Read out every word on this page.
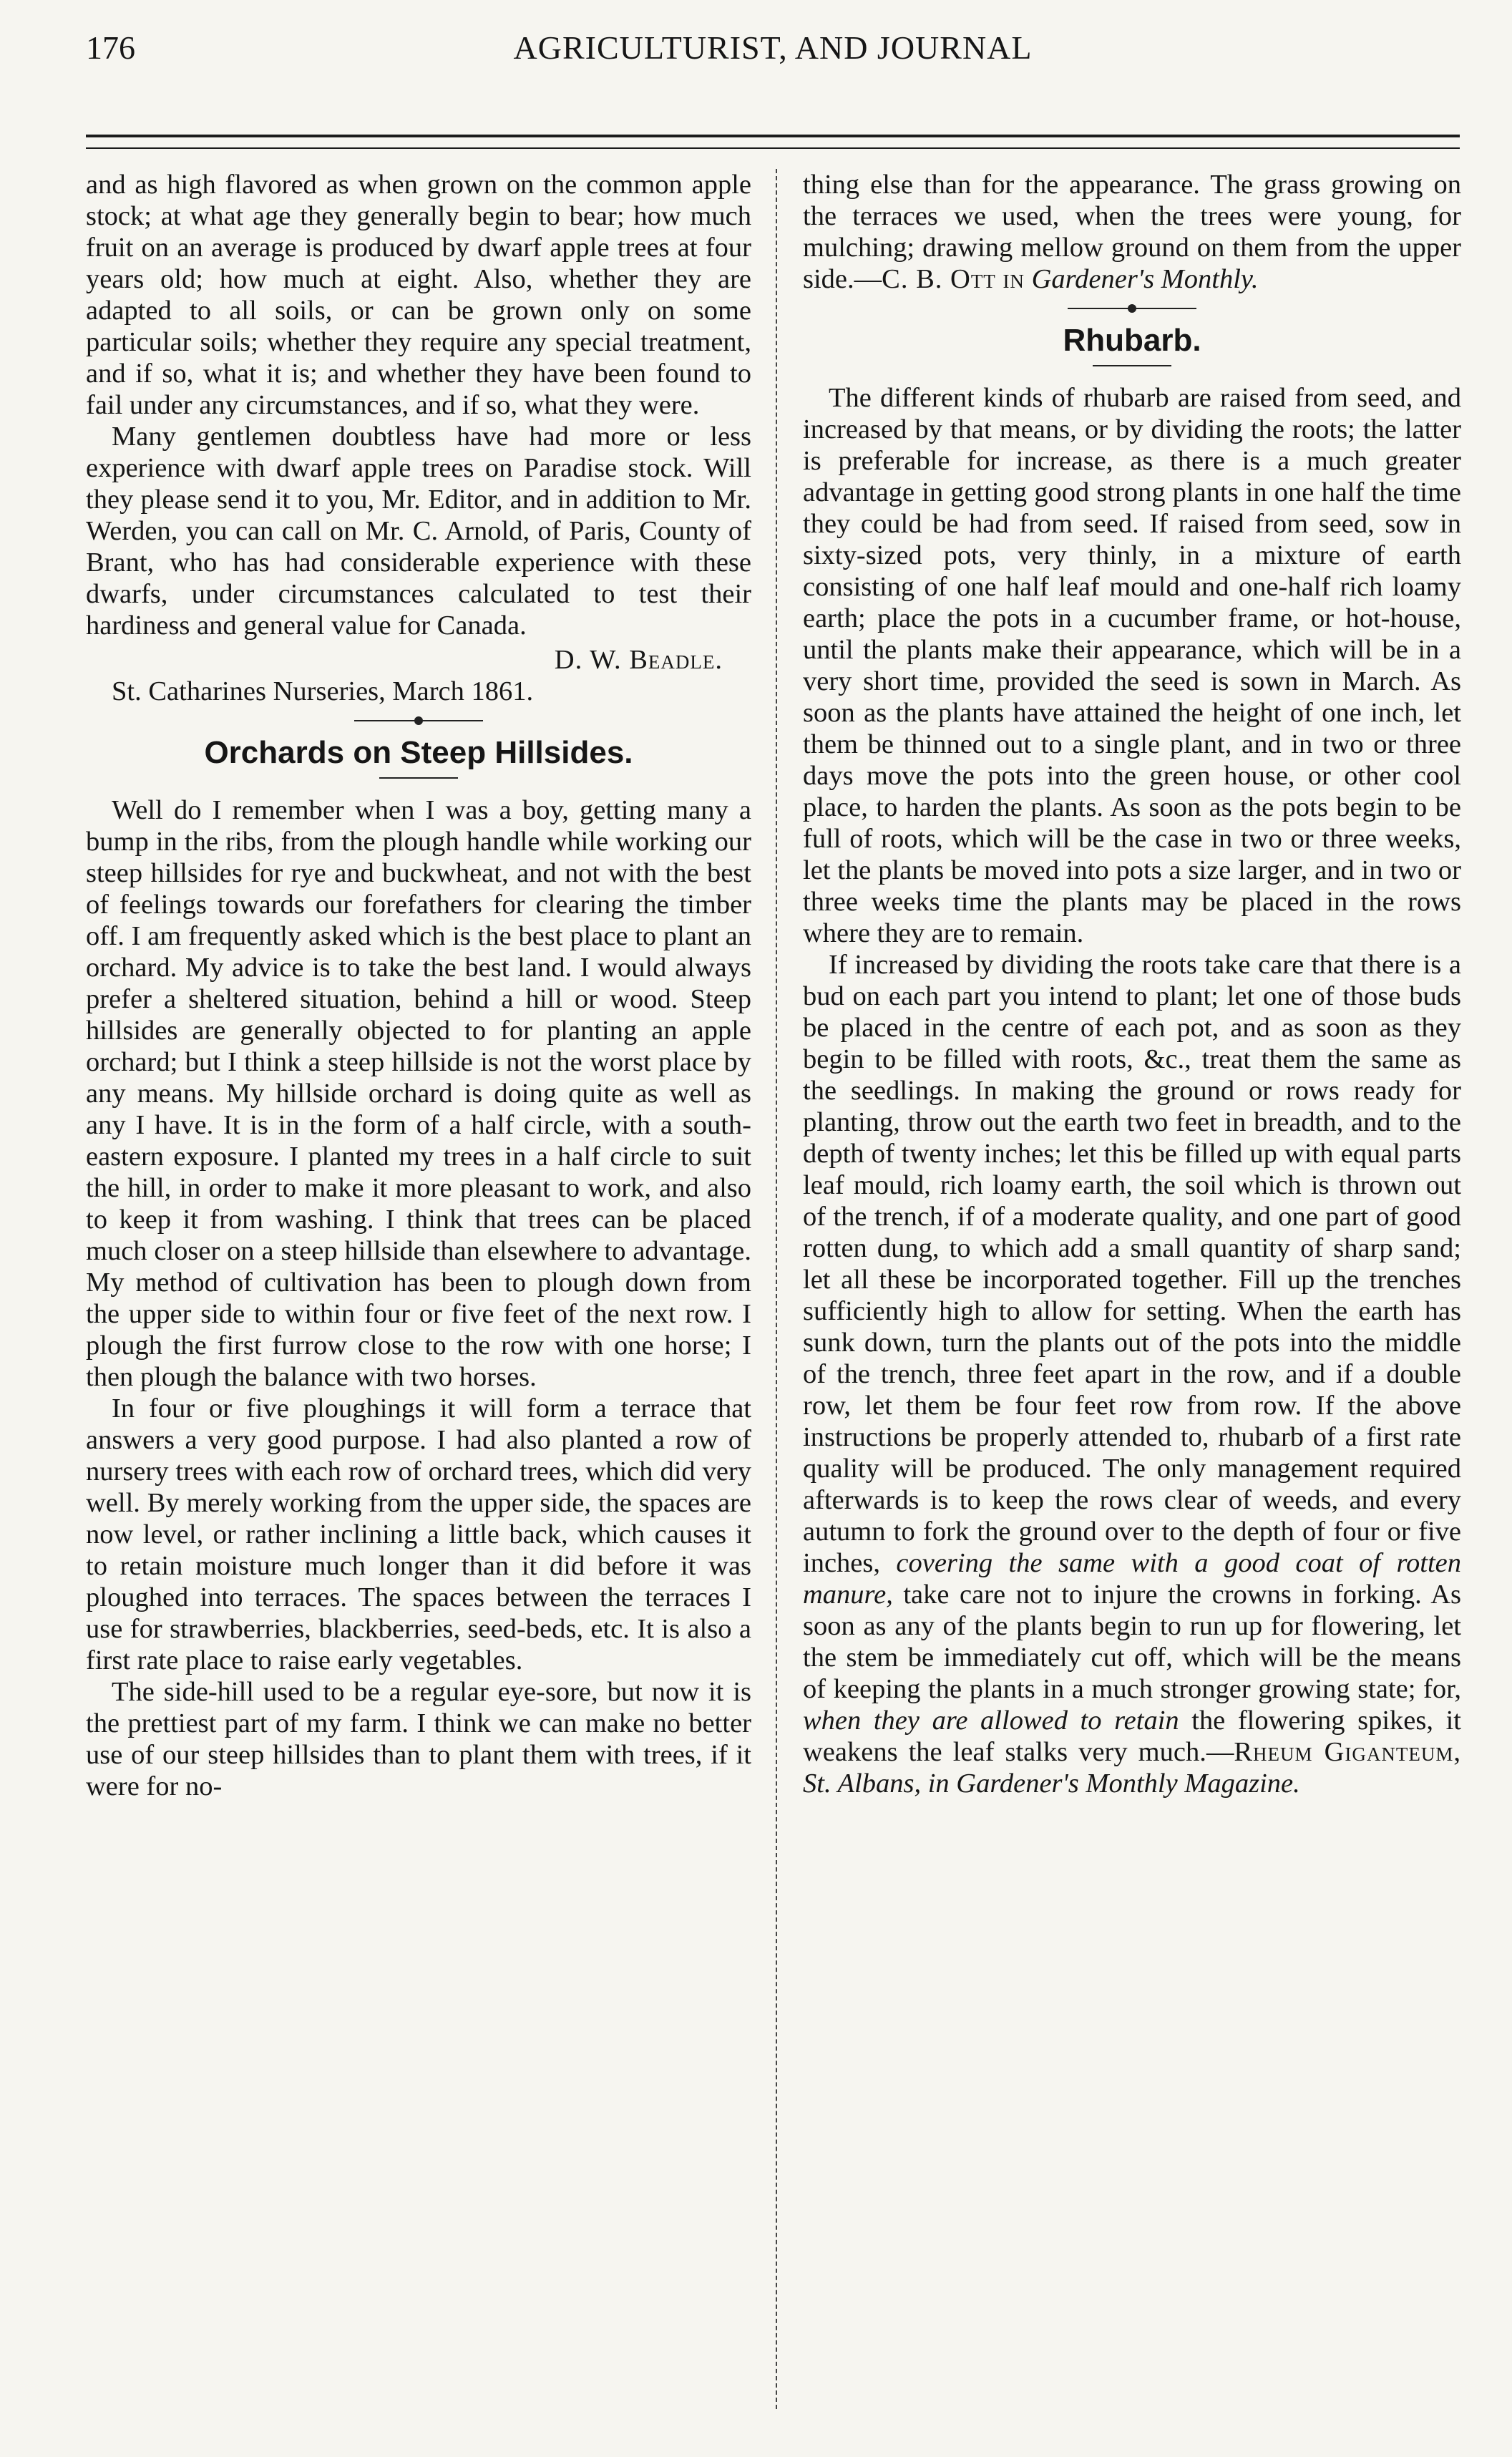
176	AGRICULTURIST, AND JOURNAL

and as high flavored as when grown on the common apple stock; at what age they generally begin to bear; how much fruit on an average is produced by dwarf apple trees at four years old; how much at eight. Also, whether they are adapted to all soils, or can be grown only on some particular soils; whether they require any special treatment, and if so, what it is; and whether they have been found to fail under any circumstances, and if so, what they were.

Many gentlemen doubtless have had more or less experience with dwarf apple trees on Paradise stock. Will they please send it to you, Mr. Editor, and in addition to Mr. Werden, you can call on Mr. C. Arnold, of Paris, County of Brant, who has had considerable experience with these dwarfs, under circumstances calculated to test their hardiness and general value for Canada.

D. W. Beadle.

St. Catharines Nurseries, March 1861.

Orchards on Steep Hillsides.

Well do I remember when I was a boy, getting many a bump in the ribs, from the plough handle while working our steep hillsides for rye and buckwheat, and not with the best of feelings towards our forefathers for clearing the timber off. I am frequently asked which is the best place to plant an orchard. My advice is to take the best land. I would always prefer a sheltered situation, behind a hill or wood. Steep hillsides are generally objected to for planting an apple orchard; but I think a steep hillside is not the worst place by any means. My hillside orchard is doing quite as well as any I have. It is in the form of a half circle, with a south-eastern exposure. I planted my trees in a half circle to suit the hill, in order to make it more pleasant to work, and also to keep it from washing. I think that trees can be placed much closer on a steep hillside than elsewhere to advantage. My method of cultivation has been to plough down from the upper side to within four or five feet of the next row. I plough the first furrow close to the row with one horse; I then plough the balance with two horses.

In four or five ploughings it will form a terrace that answers a very good purpose. I had also planted a row of nursery trees with each row of orchard trees, which did very well. By merely working from the upper side, the spaces are now level, or rather inclining a little back, which causes it to retain moisture much longer than it did before it was ploughed into terraces. The spaces between the terraces I use for strawberries, blackberries, seed-beds, etc. It is also a first rate place to raise early vegetables.

The side-hill used to be a regular eye-sore, but now it is the prettiest part of my farm. I think we can make no better use of our steep hillsides than to plant them with trees, if it were for no-

thing else than for the appearance. The grass growing on the terraces we used, when the trees were young, for mulching; drawing mellow ground on them from the upper side.—C. B. Ott in Gardener's Monthly.

Rhubarb.

The different kinds of rhubarb are raised from seed, and increased by that means, or by dividing the roots; the latter is preferable for increase, as there is a much greater advantage in getting good strong plants in one half the time they could be had from seed. If raised from seed, sow in sixty-sized pots, very thinly, in a mixture of earth consisting of one half leaf mould and one-half rich loamy earth; place the pots in a cucumber frame, or hot-house, until the plants make their appearance, which will be in a very short time, provided the seed is sown in March. As soon as the plants have attained the height of one inch, let them be thinned out to a single plant, and in two or three days move the pots into the green house, or other cool place, to harden the plants. As soon as the pots begin to be full of roots, which will be the case in two or three weeks, let the plants be moved into pots a size larger, and in two or three weeks time the plants may be placed in the rows where they are to remain.

If increased by dividing the roots take care that there is a bud on each part you intend to plant; let one of those buds be placed in the centre of each pot, and as soon as they begin to be filled with roots, &c., treat them the same as the seedlings. In making the ground or rows ready for planting, throw out the earth two feet in breadth, and to the depth of twenty inches; let this be filled up with equal parts leaf mould, rich loamy earth, the soil which is thrown out of the trench, if of a moderate quality, and one part of good rotten dung, to which add a small quantity of sharp sand; let all these be incorporated together. Fill up the trenches sufficiently high to allow for setting. When the earth has sunk down, turn the plants out of the pots into the middle of the trench, three feet apart in the row, and if a double row, let them be four feet row from row. If the above instructions be properly attended to, rhubarb of a first rate quality will be produced. The only management required afterwards is to keep the rows clear of weeds, and every autumn to fork the ground over to the depth of four or five inches, covering the same with a good coat of rotten manure, take care not to injure the crowns in forking. As soon as any of the plants begin to run up for flowering, let the stem be immediately cut off, which will be the means of keeping the plants in a much stronger growing state; for, when they are allowed to retain the flowering spikes, it weakens the leaf stalks very much.—Rheum Giganteum, St. Albans, in Gardener's Monthly Magazine.
